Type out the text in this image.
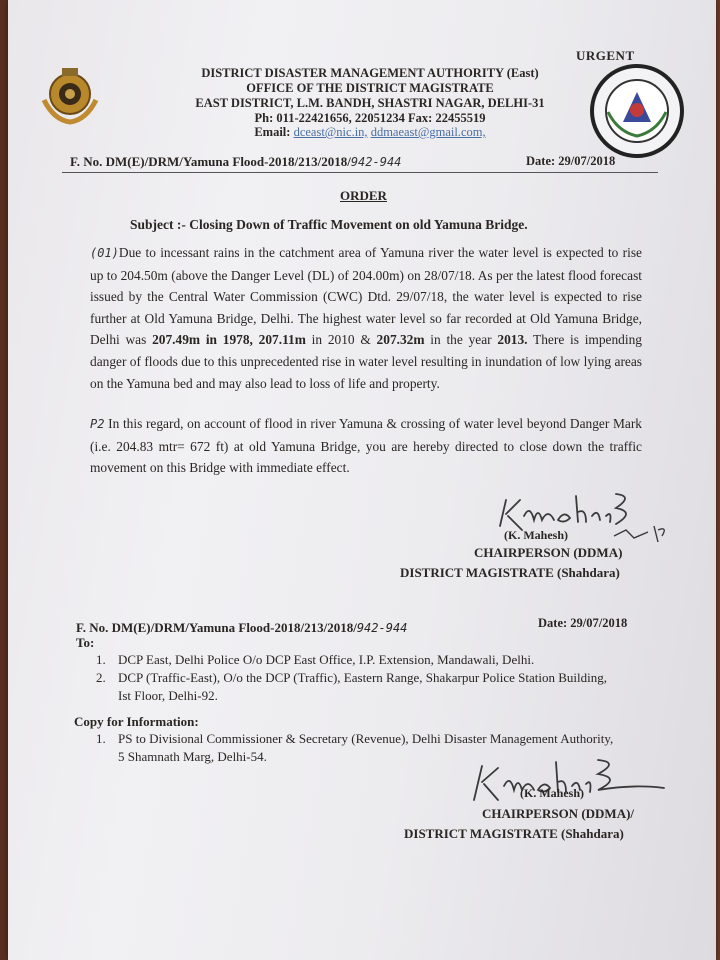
URGENT
DISTRICT DISASTER MANAGEMENT AUTHORITY (East)
OFFICE OF THE DISTRICT MAGISTRATE
EAST DISTRICT, L.M. BANDH, SHASTRI NAGAR, DELHI-31
Ph: 011-22421656, 22051234 Fax: 22455519
Email: dceast@nic.in, ddmaeast@gmail.com,
F. No. DM(E)/DRM/Yamuna Flood-2018/213/2018/942-944	Date: 29/07/2018
ORDER
Subject :- Closing Down of Traffic Movement on old Yamuna Bridge.
(01)Due to incessant rains in the catchment area of Yamuna river the water level is expected to rise up to 204.50m (above the Danger Level (DL) of 204.00m) on 28/07/18. As per the latest flood forecast issued by the Central Water Commission (CWC) Dtd. 29/07/18, the water level is expected to rise further at Old Yamuna Bridge, Delhi. The highest water level so far recorded at Old Yamuna Bridge, Delhi was 207.49m in 1978, 207.11m in 2010 & 207.32m in the year 2013. There is impending danger of floods due to this unprecedented rise in water level resulting in inundation of low lying areas on the Yamuna bed and may also lead to loss of life and property.
P2 In this regard, on account of flood in river Yamuna & crossing of water level beyond Danger Mark (i.e. 204.83 mtr= 672 ft) at old Yamuna Bridge, you are hereby directed to close down the traffic movement on this Bridge with immediate effect.
(K. Mahesh)
CHAIRPERSON (DDMA)
DISTRICT MAGISTRATE (Shahdara)
F. No. DM(E)/DRM/Yamuna Flood-2018/213/2018/942-944	Date: 29/07/2018
To:
1. DCP East, Delhi Police O/o DCP East Office, I.P. Extension, Mandawali, Delhi.
2. DCP (Traffic-East), O/o the DCP (Traffic), Eastern Range, Shakarpur Police Station Building, Ist Floor, Delhi-92.
Copy for Information:
1. PS to Divisional Commissioner & Secretary (Revenue), Delhi Disaster Management Authority, 5 Shamnath Marg, Delhi-54.
(K. Mahesh)
CHAIRPERSON (DDMA)/
DISTRICT MAGISTRATE (Shahdara)
